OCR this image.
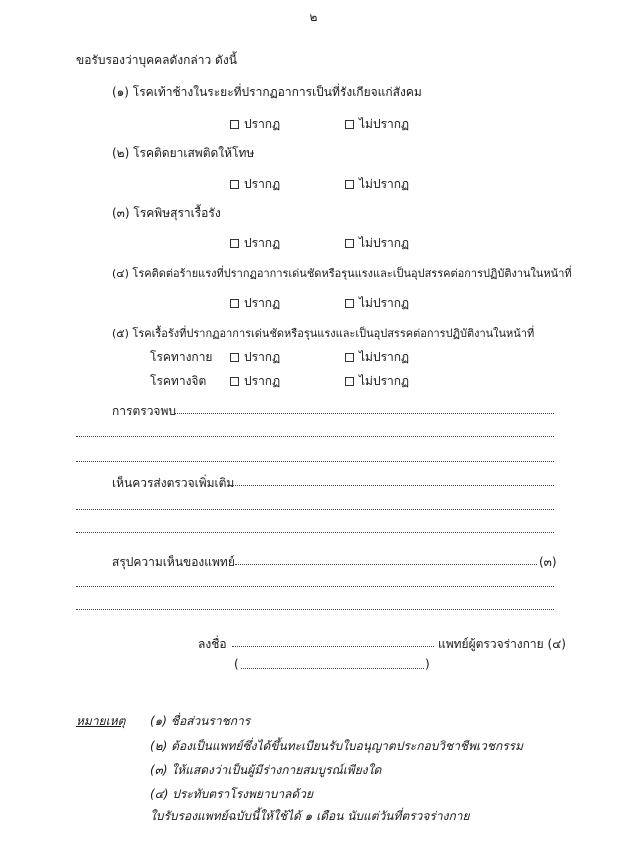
๒
ขอรับรองว่าบุคคลดังกล่าว ดังนี้
(๑) โรคเท้าช้างในระยะที่ปรากฏอาการเป็นที่รังเกียจแก่สังคม
ปรากฏ	ไม่ปรากฏ
(๒) โรคติดยาเสพติดให้โทษ
ปรากฏ	ไม่ปรากฏ
(๓) โรคพิษสุราเรื้อรัง
ปรากฏ	ไม่ปรากฏ
(๔) โรคติดต่อร้ายแรงที่ปรากฏอาการเด่นชัดหรือรุนแรงและเป็นอุปสรรคต่อการปฏิบัติงานในหน้าที่
ปรากฏ	ไม่ปรากฏ
(๕) โรคเรื้อรังที่ปรากฏอาการเด่นชัดหรือรุนแรงและเป็นอุปสรรคต่อการปฏิบัติงานในหน้าที่
โรคทางกาย	ปรากฏ	ไม่ปรากฏ
โรคทางจิต	ปรากฏ	ไม่ปรากฏ
การตรวจพบ
เห็นควรส่งตรวจเพิ่มเติม
สรุปความเห็นของแพทย์	(๓)
ลงชื่อ	แพทย์ผู้ตรวจร่างกาย (๔)
(	)
หมายเหตุ (๑) ชื่อส่วนราชการ
(๒) ต้องเป็นแพทย์ซึ่งได้ขึ้นทะเบียนรับใบอนุญาตประกอบวิชาชีพเวชกรรม
(๓) ให้แสดงว่าเป็นผู้มีร่างกายสมบูรณ์เพียงใด
(๔) ประทับตราโรงพยาบาลด้วย
ใบรับรองแพทย์ฉบับนี้ให้ใช้ได้ ๑ เดือน นับแต่วันที่ตรวจร่างกาย
